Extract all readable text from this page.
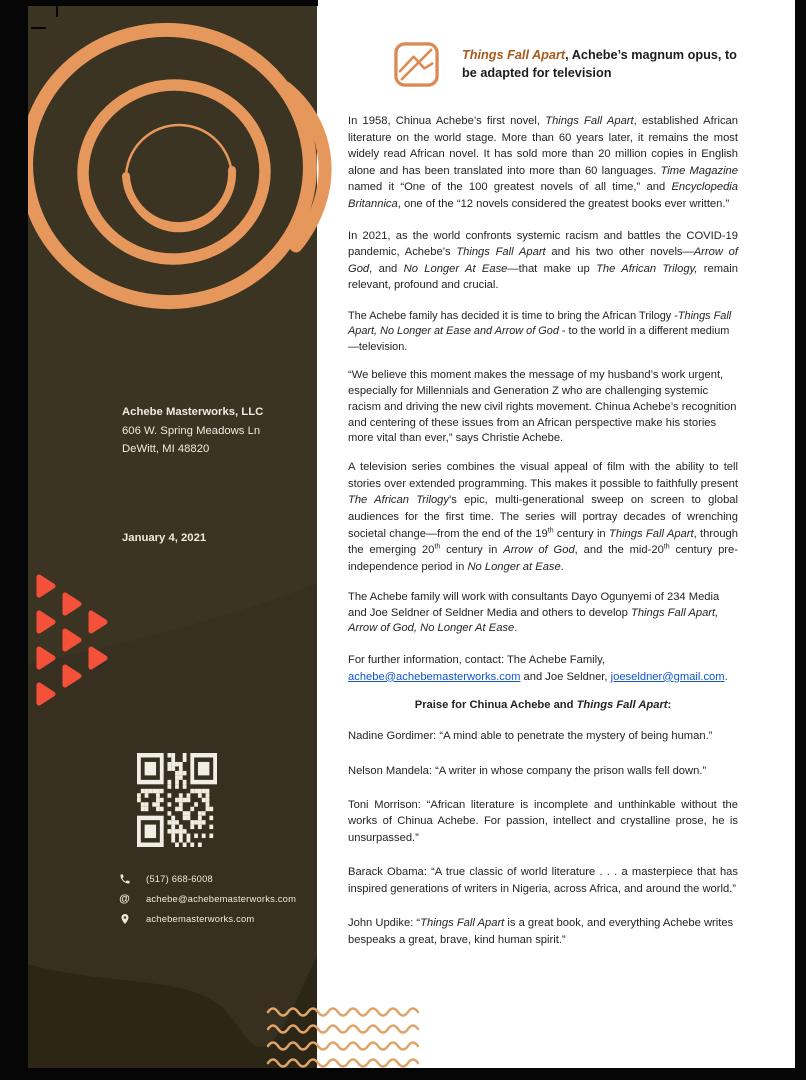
Achebe Masterworks, LLC
606 W. Spring Meadows Ln
DeWitt, MI 48820
January 4, 2021
(517) 668-6008
@ achebe@achebemasterworks.com
achebemasterworks.com
Things Fall Apart, Achebe’s magnum opus, to be adapted for television

In 1958, Chinua Achebe’s first novel, Things Fall Apart, established African literature on the world stage. More than 60 years later, it remains the most widely read African novel. It has sold more than 20 million copies in English alone and has been translated into more than 60 languages. Time Magazine named it “One of the 100 greatest novels of all time,” and Encyclopedia Britannica, one of the “12 novels considered the greatest books ever written.”

In 2021, as the world confronts systemic racism and battles the COVID-19 pandemic, Achebe’s Things Fall Apart and his two other novels—Arrow of God, and No Longer At Ease—that make up The African Trilogy, remain relevant, profound and crucial.

The Achebe family has decided it is time to bring the African Trilogy -Things Fall Apart, No Longer at Ease and Arrow of God - to the world in a different medium—television.

“We believe this moment makes the message of my husband’s work urgent, especially for Millennials and Generation Z who are challenging systemic racism and driving the new civil rights movement. Chinua Achebe’s recognition and centering of these issues from an African perspective make his stories more vital than ever,” says Christie Achebe.

A television series combines the visual appeal of film with the ability to tell stories over extended programming. This makes it possible to faithfully present The African Trilogy’s epic, multi-generational sweep on screen to global audiences for the first time. The series will portray decades of wrenching societal change—from the end of the 19th century in Things Fall Apart, through the emerging 20th century in Arrow of God, and the mid-20th century pre-independence period in No Longer at Ease.

The Achebe family will work with consultants Dayo Ogunyemi of 234 Media and Joe Seldner of Seldner Media and others to develop Things Fall Apart, Arrow of God, No Longer At Ease.

For further information, contact: The Achebe Family,
achebe@achebemasterworks.com and Joe Seldner, joeseldner@gmail.com.

Praise for Chinua Achebe and Things Fall Apart:

Nadine Gordimer: “A mind able to penetrate the mystery of being human.”

Nelson Mandela: “A writer in whose company the prison walls fell down.”

Toni Morrison: “African literature is incomplete and unthinkable without the works of Chinua Achebe. For passion, intellect and crystalline prose, he is unsurpassed.”

Barack Obama: “A true classic of world literature . . . a masterpiece that has inspired generations of writers in Nigeria, across Africa, and around the world.”

John Updike: “Things Fall Apart is a great book, and everything Achebe writes bespeaks a great, brave, kind human spirit.”
